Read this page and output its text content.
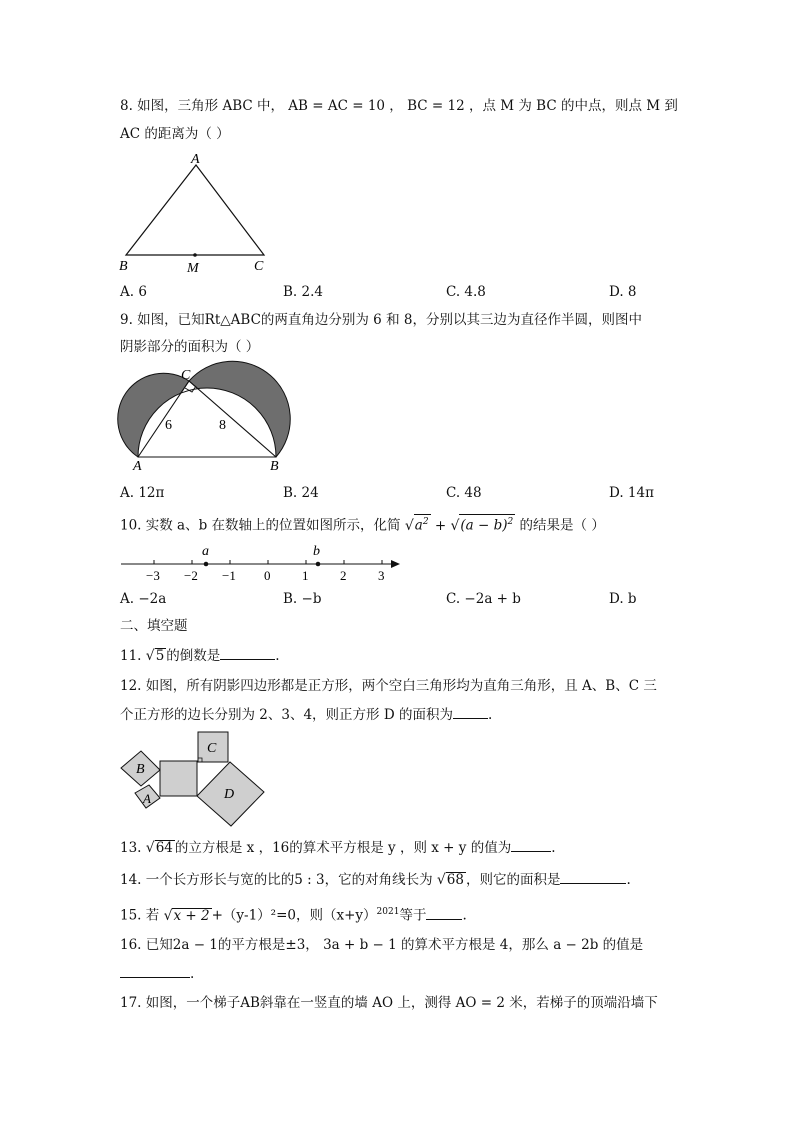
8. 如图，三角形 ABC 中， AB = AC = 10 ， BC = 12 ，点 M 为 BC 的中点，则点 M 到
AC 的距离为（ ）
A
B	M	C
A. 6	B. 2.4	C. 4.8	D. 8
9. 如图，已知Rt△ABC的两直角边分别为 6 和 8，分别以其三边为直径作半圆，则图中
阴影部分的面积为（ ）
C
A	B
6	8
A. 12π	B. 24	C. 48	D. 14π
10. 实数 a、b 在数轴上的位置如图所示，化简 $√a^2 + √(a - b)^2$ 的结果是（ ）
a	b
−3 −2 −1 0 1 2 3
A. −2a	B. −b	C. −2a + b	D. b
二、填空题
11. √5 的倒数是	.
12. 如图，所有阴影四边形都是正方形，两个空白三角形均为直角三角形，且 A、B、C 三
个正方形的边长分别为 2、3、4，则正方形 D 的面积为	.
B
A
C
D
13. √64 的立方根是 x ，16的算术平方根是 y ，则 x + y 的值为	.
14. 一个长方形长与宽的比的5 : 3，它的对角线长为 √68 ，则它的面积是	.
15. 若 √x + 2 +（y-1）²=0，则$(x+y)^{2021}$等于	.
16. 已知2a − 1的平方根是±3， 3a + b − 1 的算术平方根是 4，那么 a − 2b 的值是
.
17. 如图，一个梯子AB斜靠在一竖直的墙 AO 上，测得 AO = 2 米，若梯子的顶端沿墙下
